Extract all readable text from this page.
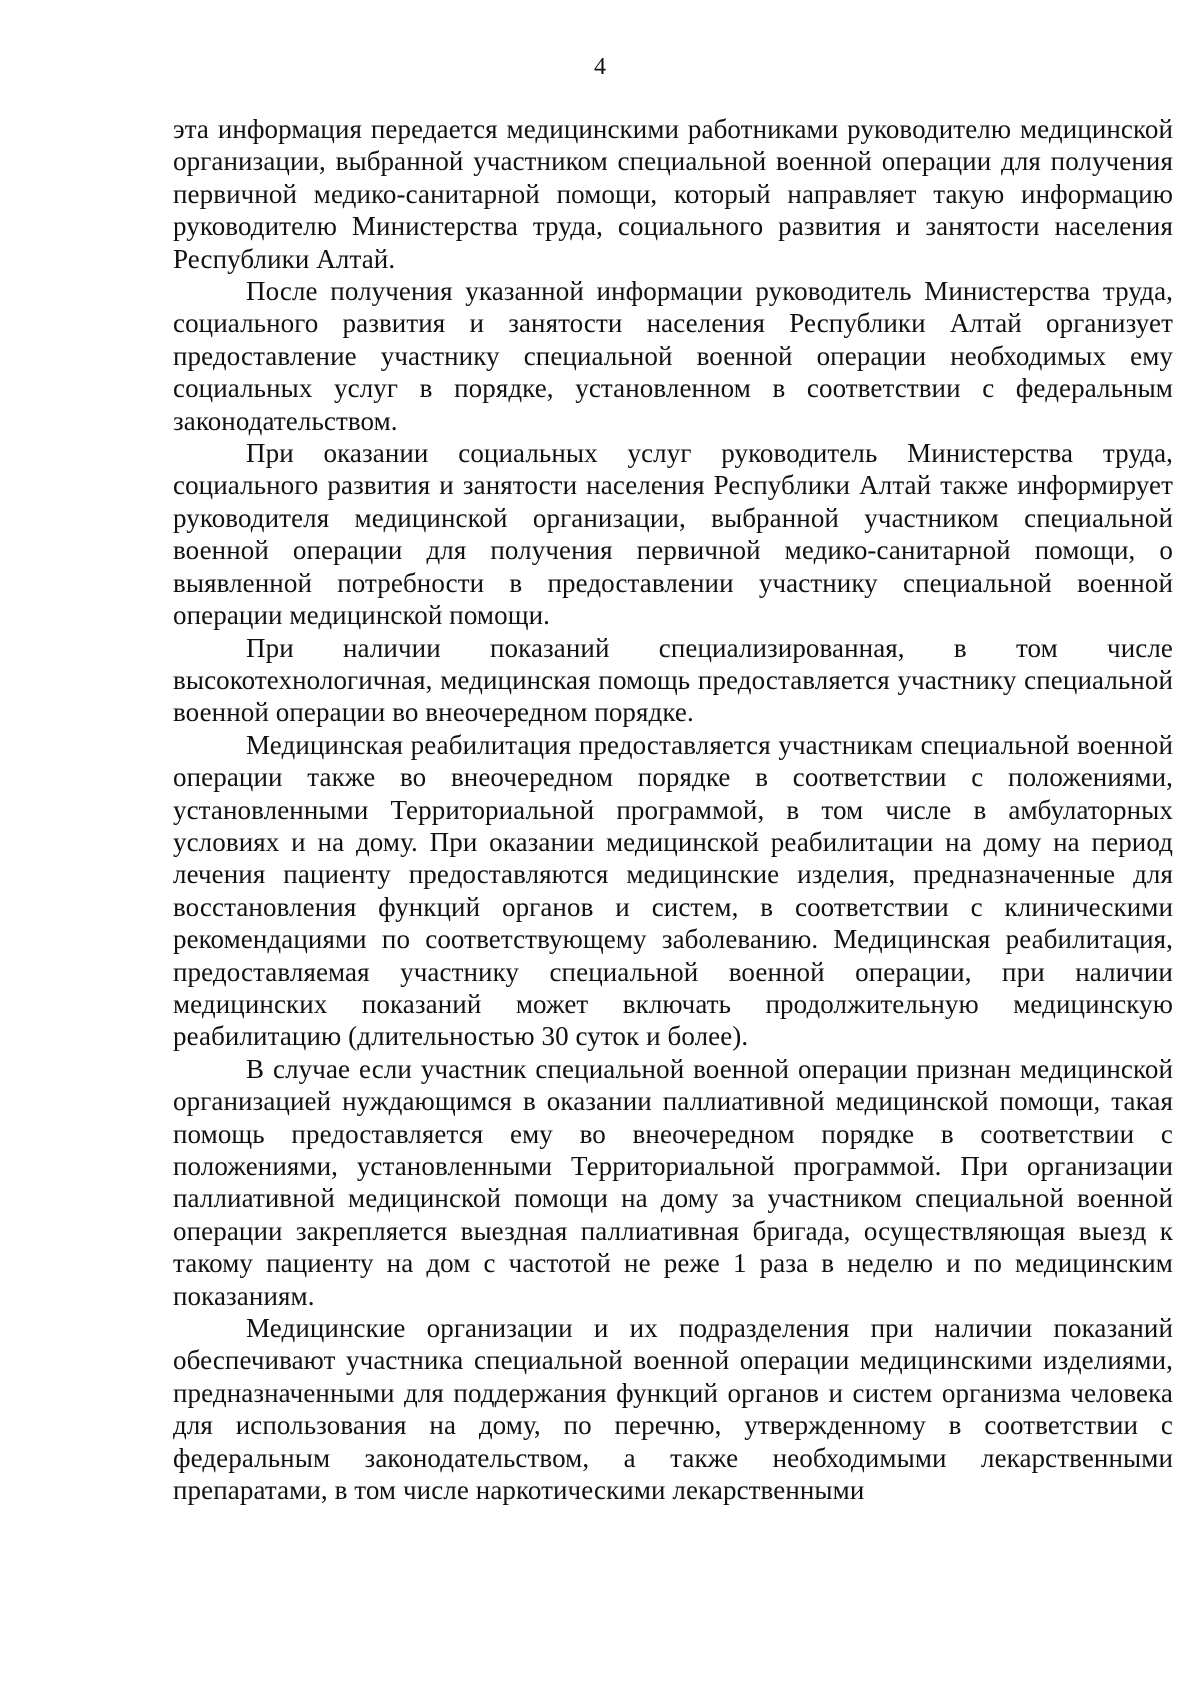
4

эта информация передается медицинскими работниками руководителю медицинской организации, выбранной участником специальной военной операции для получения первичной медико-санитарной помощи, который направляет такую информацию руководителю Министерства труда, социального развития и занятости населения Республики Алтай.

После получения указанной информации руководитель Министерства труда, социального развития и занятости населения Республики Алтай организует предоставление участнику специальной военной операции необходимых ему социальных услуг в порядке, установленном в соответствии с федеральным законодательством.

При оказании социальных услуг руководитель Министерства труда, социального развития и занятости населения Республики Алтай также информирует руководителя медицинской организации, выбранной участником специальной военной операции для получения первичной медико-санитарной помощи, о выявленной потребности в предоставлении участнику специальной военной операции медицинской помощи.

При наличии показаний специализированная, в том числе высокотехнологичная, медицинская помощь предоставляется участнику специальной военной операции во внеочередном порядке.

Медицинская реабилитация предоставляется участникам специальной военной операции также во внеочередном порядке в соответствии с положениями, установленными Территориальной программой, в том числе в амбулаторных условиях и на дому. При оказании медицинской реабилитации на дому на период лечения пациенту предоставляются медицинские изделия, предназначенные для восстановления функций органов и систем, в соответствии с клиническими рекомендациями по соответствующему заболеванию. Медицинская реабилитация, предоставляемая участнику специальной военной операции, при наличии медицинских показаний может включать продолжительную медицинскую реабилитацию (длительностью 30 суток и более).

В случае если участник специальной военной операции признан медицинской организацией нуждающимся в оказании паллиативной медицинской помощи, такая помощь предоставляется ему во внеочередном порядке в соответствии с положениями, установленными Территориальной программой. При организации паллиативной медицинской помощи на дому за участником специальной военной операции закрепляется выездная паллиативная бригада, осуществляющая выезд к такому пациенту на дом с частотой не реже 1 раза в неделю и по медицинским показаниям.

Медицинские организации и их подразделения при наличии показаний обеспечивают участника специальной военной операции медицинскими изделиями, предназначенными для поддержания функций органов и систем организма человека для использования на дому, по перечню, утвержденному в соответствии с федеральным законодательством, а также необходимыми лекарственными препаратами, в том числе наркотическими лекарственными
